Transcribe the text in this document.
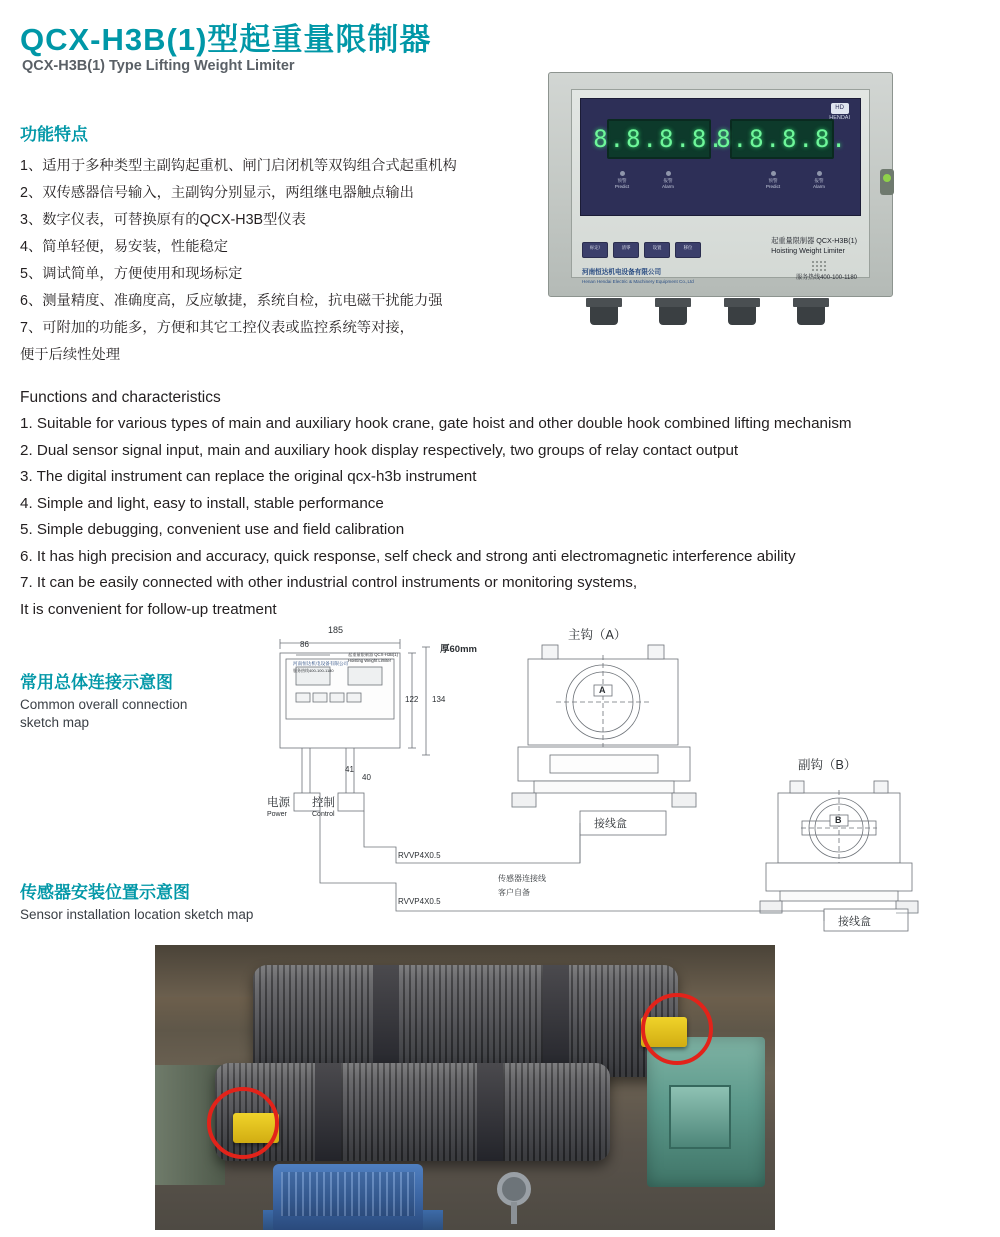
QCX-H3B(1)型起重量限制器
QCX-H3B(1) Type Lifting Weight Limiter
功能特点
1、适用于多种类型主副钩起重机、闸门启闭机等双钩组合式起重机构
2、双传感器信号输入，主副钩分别显示，两组继电器触点输出
3、数字仪表，可替换原有的QCX-H3B型仪表
4、简单轻便，易安装，性能稳定
5、调试简单，方便使用和现场标定
6、测量精度、准确度高，反应敏捷，系统自检，抗电磁干扰能力强
7、可附加的功能多，方便和其它工控仪表或监控系统等对接，
便于后续性处理
Functions and characteristics
1. Suitable for various types of main and auxiliary hook crane, gate hoist and other double hook combined lifting mechanism
2. Dual sensor signal input, main and auxiliary hook display respectively, two groups of relay contact output
3. The digital instrument can replace the original qcx-h3b instrument
4. Simple and light, easy to install, stable performance
5. Simple debugging, convenient use and field calibration
6. It has high precision and accuracy, quick response, self check and strong anti electromagnetic interference ability
7. It can be easily connected with other industrial control instruments or monitoring systems,
It is convenient for follow-up treatment
8.8.8.8.
8.8.8.8.
HD
HENDAI
预警
Predict
报警
Alarm
预警
Predict
报警
Alarm
标定/	清零	设置	移位
起重量限制器 QCX-H3B(1)
Hoisting Weight Limiter
河南恒达机电设备有限公司
Henan Hendai Electric & Machinery Equipment Co.,Ltd
服务热线400-100-1180
常用总体连接示意图
Common overall connection
sketch map
传感器安装位置示意图
Sensor installation location sketch map
185
86	厚60mm
122 134
41
40
河南恒达机电设备有限公司
Hoisting Weight Limiter
起重量限制器 QCX-H3B(1)
服务热线400-100-1180
电源
Power
控制
Control
主钩（A）
副钩（B）
接线盒
接线盒
RVVP4X0.5
RVVP4X0.5
传感器连接线
客户自备
A
B
